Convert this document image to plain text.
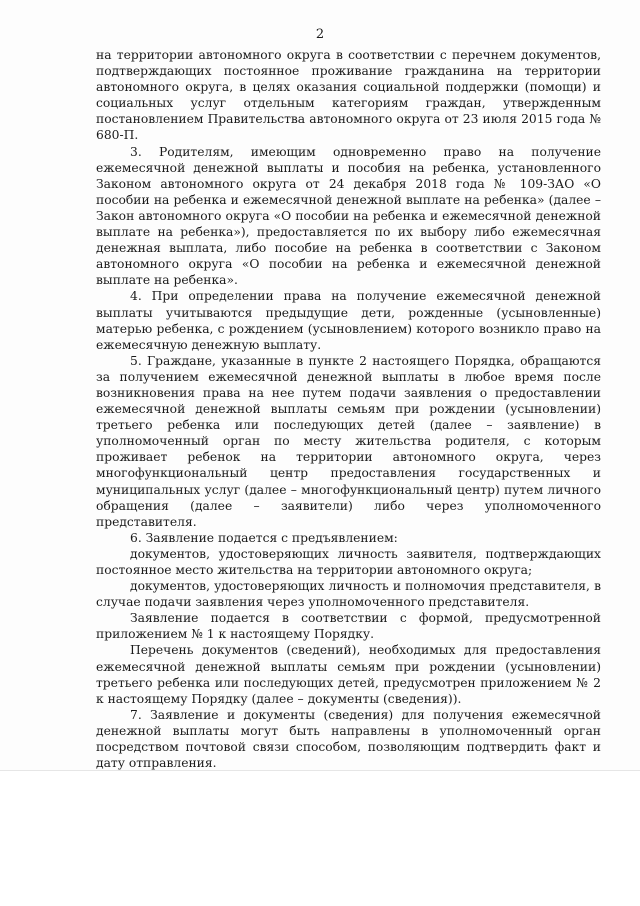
2

на территории автономного округа в соответствии с перечнем документов, подтверждающих постоянное проживание гражданина на территории автономного округа, в целях оказания социальной поддержки (помощи) и социальных услуг отдельным категориям граждан, утвержденным постановлением Правительства автономного округа от 23 июля 2015 года № 680-П.

3. Родителям, имеющим одновременно право на получение ежемесячной денежной выплаты и пособия на ребенка, установленного Законом автономного округа от 24 декабря 2018 года № 109-ЗАО «О пособии на ребенка и ежемесячной денежной выплате на ребенка» (далее – Закон автономного округа «О пособии на ребенка и ежемесячной денежной выплате на ребенка»), предоставляется по их выбору либо ежемесячная денежная выплата, либо пособие на ребенка в соответствии с Законом автономного округа «О пособии на ребенка и ежемесячной денежной выплате на ребенка».

4. При определении права на получение ежемесячной денежной выплаты учитываются предыдущие дети, рожденные (усыновленные) матерью ребенка, с рождением (усыновлением) которого возникло право на ежемесячную денежную выплату.

5. Граждане, указанные в пункте 2 настоящего Порядка, обращаются за получением ежемесячной денежной выплаты в любое время после возникновения права на нее путем подачи заявления о предоставлении ежемесячной денежной выплаты семьям при рождении (усыновлении) третьего ребенка или последующих детей (далее – заявление) в уполномоченный орган по месту жительства родителя, с которым проживает ребенок на территории автономного округа, через многофункциональный центр предоставления государственных и муниципальных услуг (далее – многофункциональный центр) путем личного обращения (далее – заявители) либо через уполномоченного представителя.

6. Заявление подается с предъявлением:

документов, удостоверяющих личность заявителя, подтверждающих постоянное место жительства на территории автономного округа;

документов, удостоверяющих личность и полномочия представителя, в случае подачи заявления через уполномоченного представителя.

Заявление подается в соответствии с формой, предусмотренной приложением № 1 к настоящему Порядку.

Перечень документов (сведений), необходимых для предоставления ежемесячной денежной выплаты семьям при рождении (усыновлении) третьего ребенка или последующих детей, предусмотрен приложением № 2 к настоящему Порядку (далее – документы (сведения)).

7. Заявление и документы (сведения) для получения ежемесячной денежной выплаты могут быть направлены в уполномоченный орган посредством почтовой связи способом, позволяющим подтвердить факт и дату отправления.
